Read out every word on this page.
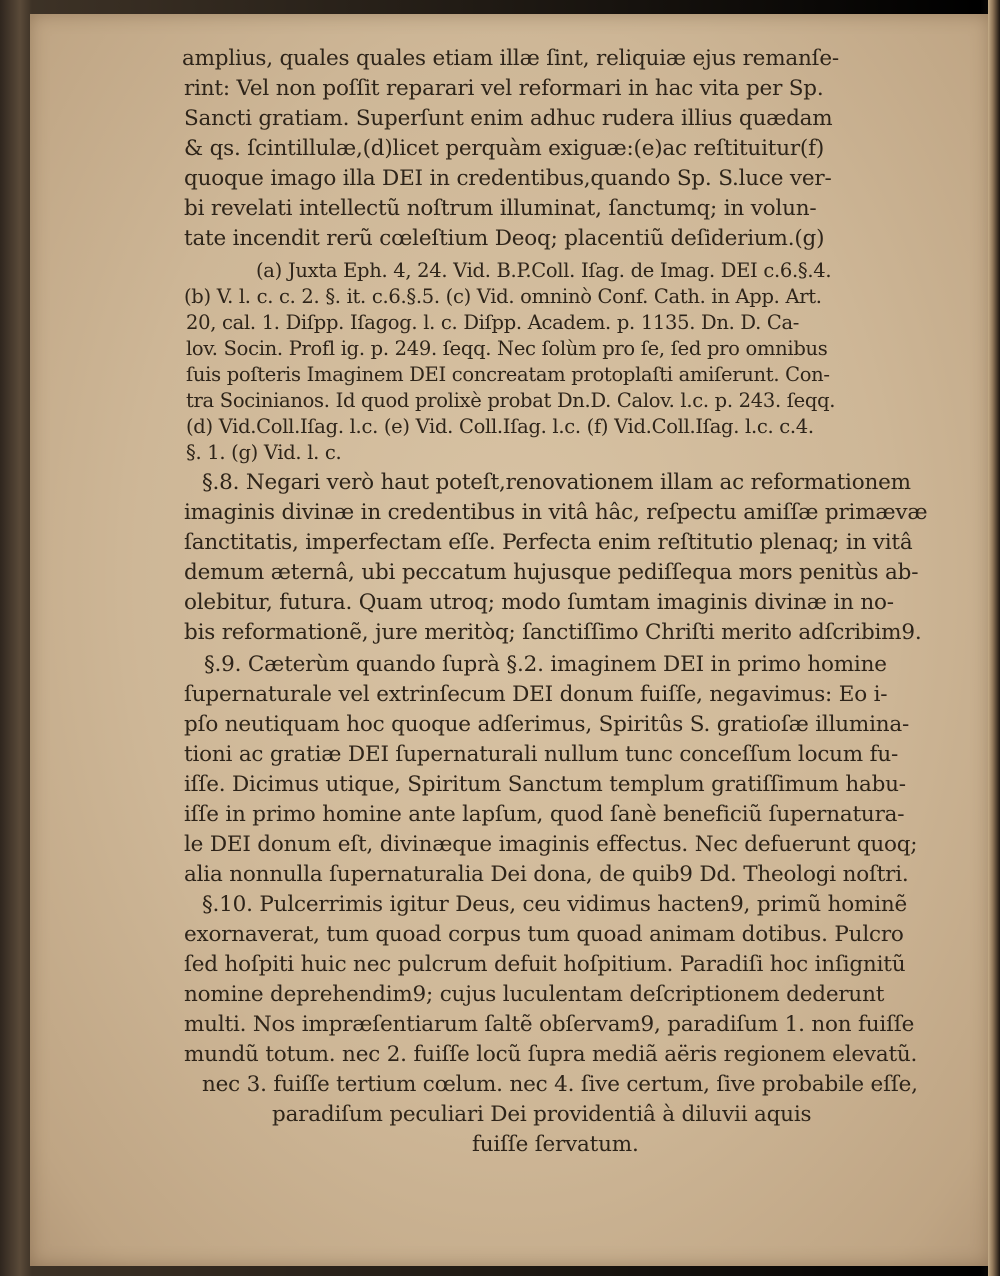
amplius, quales quales etiam illæ ſint, reliquiæ ejus remanſe-
rint: Vel non poſſit reparari vel reformari in hac vita per Sp.
Sancti gratiam. Superſunt enim adhuc rudera illius quædam
& qs. ſcintillulæ,(d)licet perquàm exiguæ:(e)ac reſtituitur(f)
quoque imago illa DEI in credentibus,quando Sp. S.luce ver-
bi revelati intellectũ noſtrum illuminat, ſanctumq; in volun-
tate incendit rerũ cœleſtium Deoq; placentiũ deſiderium.(g)
(a) Juxta Eph. 4, 24. Vid. B.P.Coll. Iſag. de Imag. DEI c.6.§.4.
(b) V. l. c. c. 2. §. it. c.6.§.5. (c) Vid. omninò Conf. Cath. in App. Art.
20, cal. 1. Diſpp. Iſagog. l. c. Diſpp. Academ. p. 1135. Dn. D. Ca-
lov. Socin. Profl ig. p. 249. ſeqq. Nec ſolùm pro ſe, ſed pro omnibus
ſuis poſteris Imaginem DEI concreatam protoplaſti amiſerunt. Con-
tra Socinianos. Id quod prolixè probat Dn.D. Calov. l.c. p. 243. ſeqq.
(d) Vid.Coll.Iſag. l.c. (e) Vid. Coll.Iſag. l.c. (f) Vid.Coll.Iſag. l.c. c.4.
§. 1. (g) Vid. l. c.
§.8. Negari verò haut poteſt,renovationem illam ac reformationem
imaginis divinæ in credentibus in vitâ hâc, reſpectu amiſſæ primævæ
ſanctitatis, imperfectam eſſe. Perfecta enim reſtitutio plenaq; in vitâ
demum æternâ, ubi peccatum hujusque pediſſequa mors penitùs ab-
olebitur, futura. Quam utroq; modo ſumtam imaginis divinæ in no-
bis reformationẽ, jure meritòq; ſanctiſſimo Chriſti merito adſcribim9.
§.9. Cæterùm quando ſuprà §.2. imaginem DEI in primo homine
ſupernaturale vel extrinſecum DEI donum fuiſſe, negavimus: Eo i-
pſo neutiquam hoc quoque adſerimus, Spiritûs S. gratioſæ illumina-
tioni ac gratiæ DEI ſupernaturali nullum tunc conceſſum locum fu-
iſſe. Dicimus utique, Spiritum Sanctum templum gratiſſimum habu-
iſſe in primo homine ante lapſum, quod ſanè beneficiũ ſupernatura-
le DEI donum eſt, divinæque imaginis effectus. Nec defuerunt quoq;
alia nonnulla ſupernaturalia Dei dona, de quib9 Dd. Theologi noſtri.
§.10. Pulcerrimis igitur Deus, ceu vidimus hacten9, primũ hominẽ
exornaverat, tum quoad corpus tum quoad animam dotibus. Pulcro
ſed hoſpiti huic nec pulcrum defuit hoſpitium. Paradiſi hoc inſignitũ
nomine deprehendim9; cujus luculentam deſcriptionem dederunt
multi. Nos impræſentiarum ſaltẽ obſervam9, paradiſum 1. non fuiſſe
mundũ totum. nec 2. fuiſſe locũ ſupra mediã aëris regionem elevatũ.
nec 3. fuiſſe tertium cœlum. nec 4. ſive certum, ſive probabile eſſe,
paradiſum peculiari Dei providentiâ à diluvii aquis
fuiſſe ſervatum.
